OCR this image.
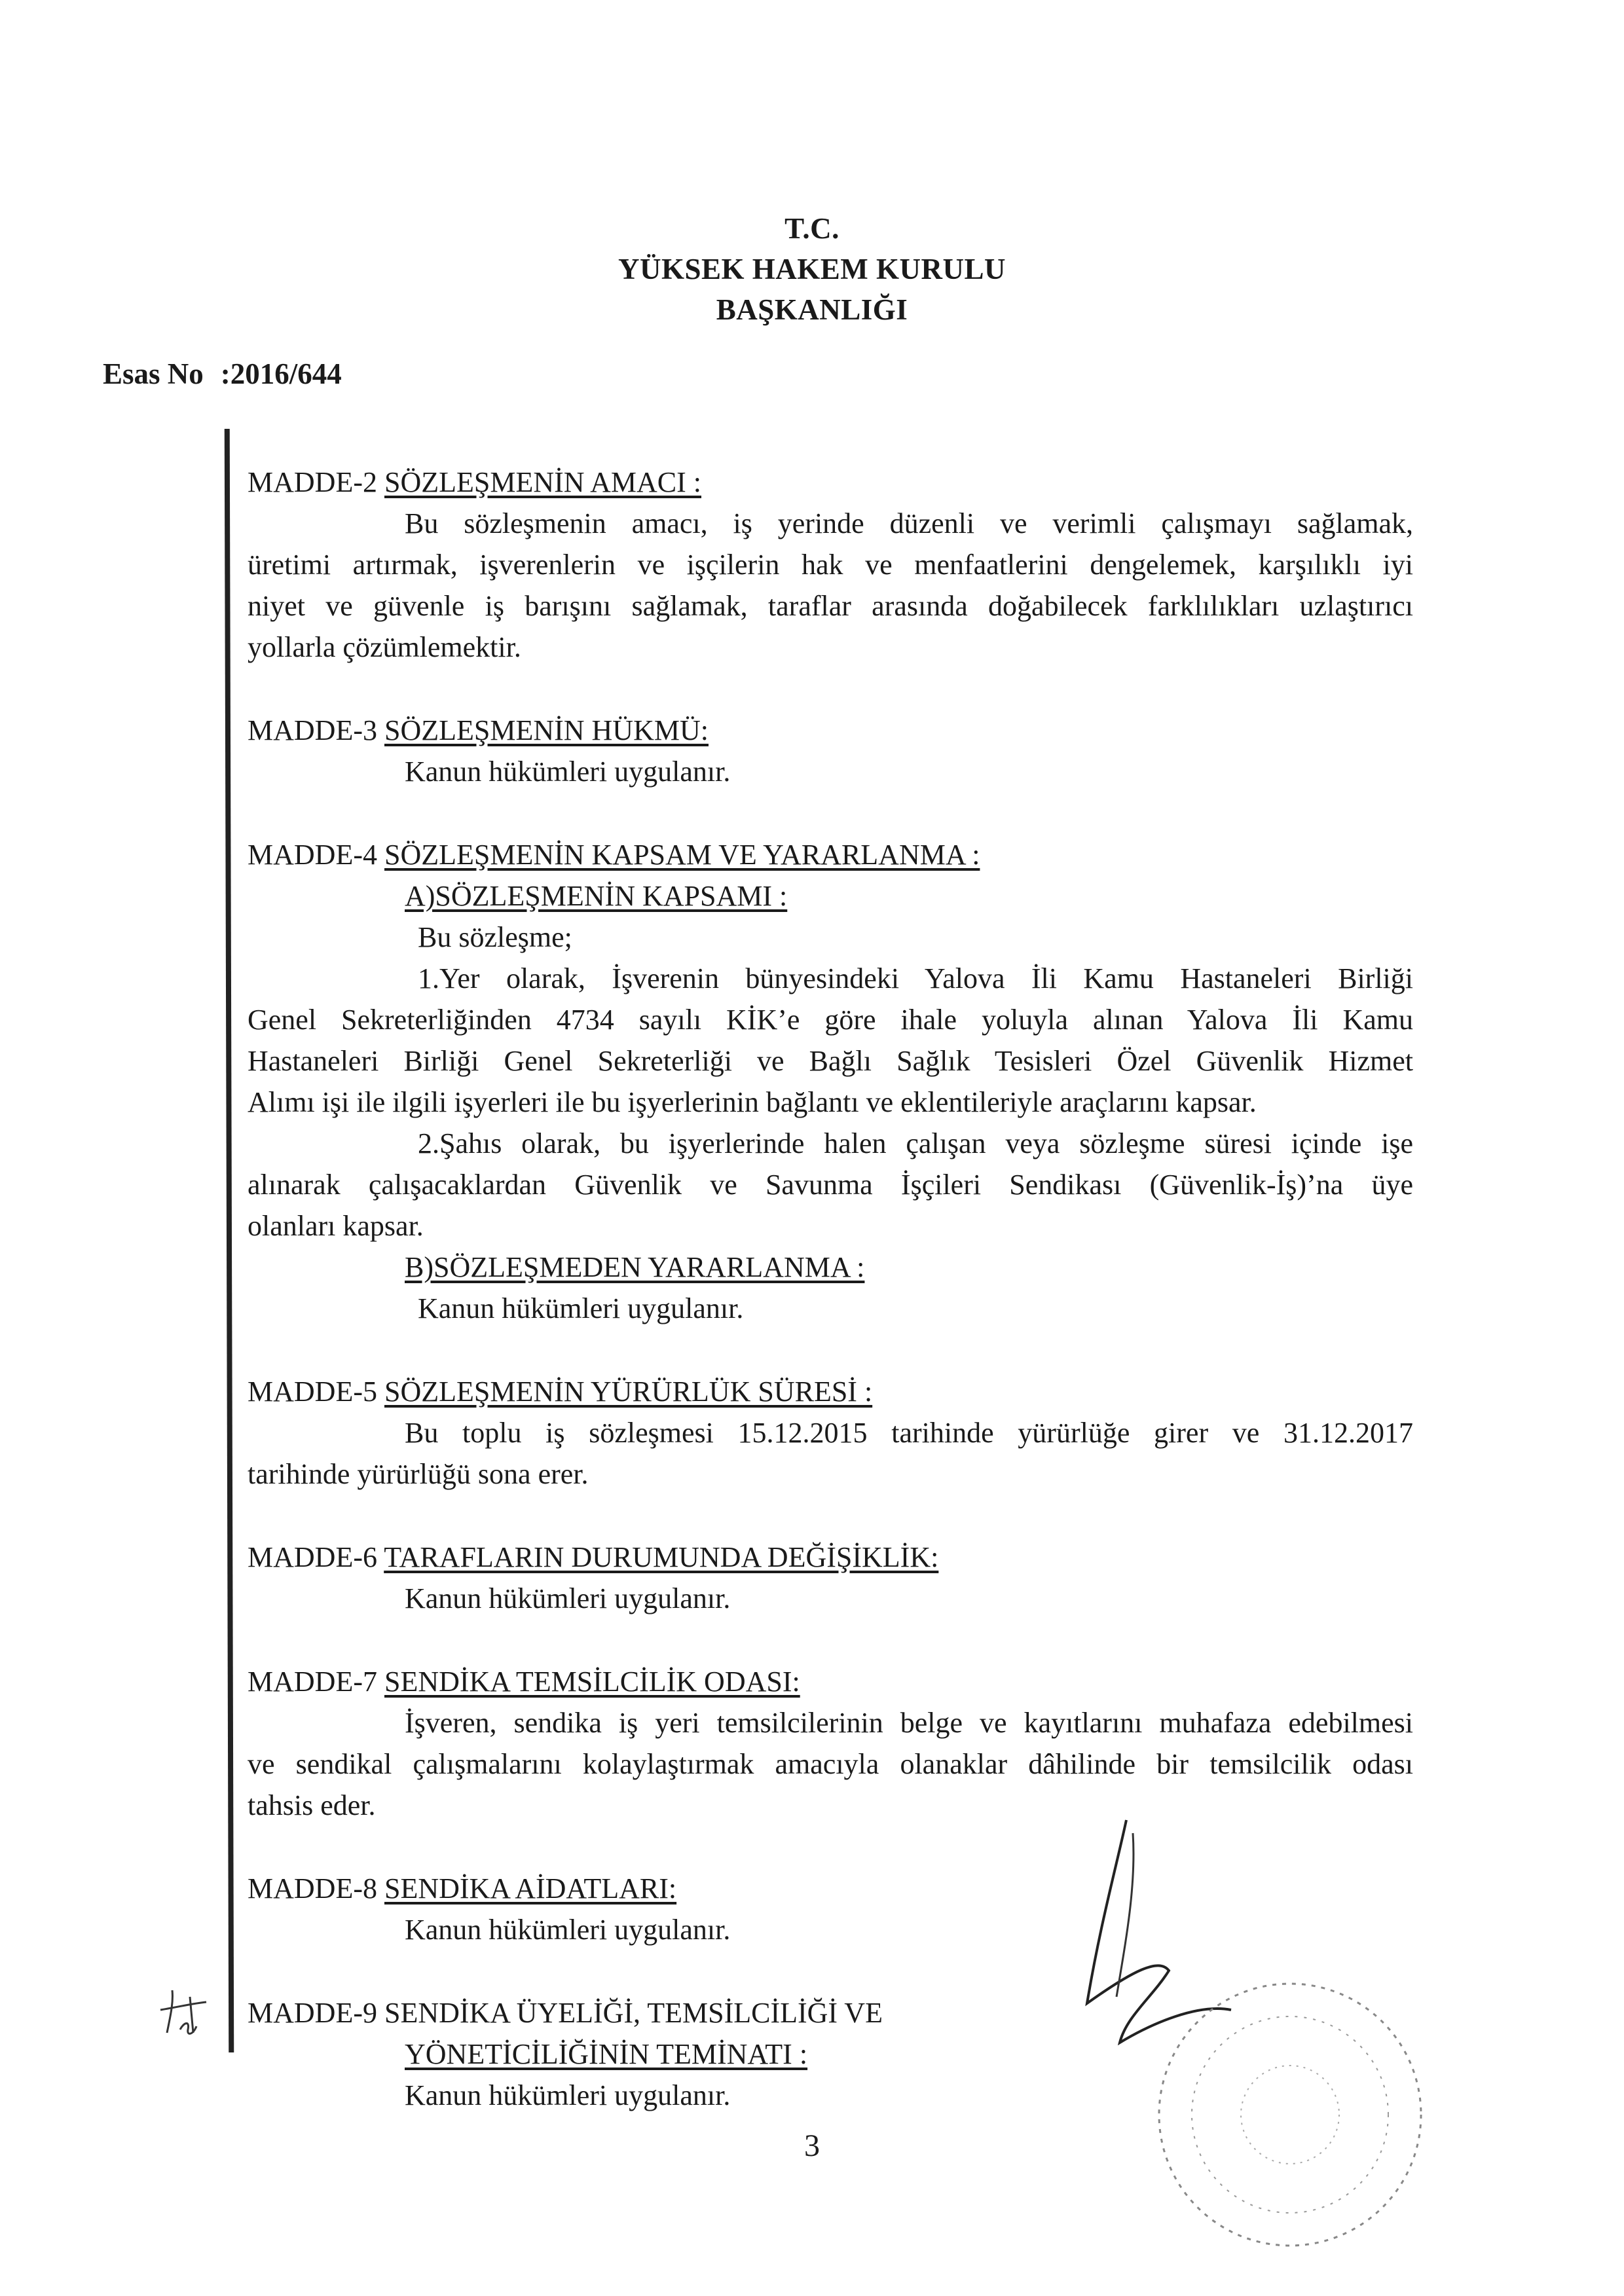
T.C.
YÜKSEK HAKEM KURULU
BAŞKANLIĞI
Esas No :2016/644
MADDE-2 SÖZLEŞMENİN AMACI :
Bu sözleşmenin amacı, iş yerinde düzenli ve verimli çalışmayı sağlamak,
üretimi artırmak, işverenlerin ve işçilerin hak ve menfaatlerini dengelemek, karşılıklı iyi
niyet ve güvenle iş barışını sağlamak, taraflar arasında doğabilecek farklılıkları uzlaştırıcı
yollarla çözümlemektir.
MADDE-3 SÖZLEŞMENİN HÜKMÜ:
Kanun hükümleri uygulanır.
MADDE-4 SÖZLEŞMENİN KAPSAM VE YARARLANMA :
A)SÖZLEŞMENİN KAPSAMI :
Bu sözleşme;
1.Yer olarak, İşverenin bünyesindeki Yalova İli Kamu Hastaneleri Birliği
Genel Sekreterliğinden 4734 sayılı KİK’e göre ihale yoluyla alınan Yalova İli Kamu
Hastaneleri Birliği Genel Sekreterliği ve Bağlı Sağlık Tesisleri Özel Güvenlik Hizmet
Alımı işi ile ilgili işyerleri ile bu işyerlerinin bağlantı ve eklentileriyle araçlarını kapsar.
2.Şahıs olarak, bu işyerlerinde halen çalışan veya sözleşme süresi içinde işe
alınarak çalışacaklardan Güvenlik ve Savunma İşçileri Sendikası (Güvenlik-İş)’na üye
olanları kapsar.
B)SÖZLEŞMEDEN YARARLANMA :
Kanun hükümleri uygulanır.
MADDE-5 SÖZLEŞMENİN YÜRÜRLÜK SÜRESİ :
Bu toplu iş sözleşmesi 15.12.2015 tarihinde yürürlüğe girer ve 31.12.2017
tarihinde yürürlüğü sona erer.
MADDE-6 TARAFLARIN DURUMUNDA DEĞİŞİKLİK:
Kanun hükümleri uygulanır.
MADDE-7 SENDİKA TEMSİLCİLİK ODASI:
İşveren, sendika iş yeri temsilcilerinin belge ve kayıtlarını muhafaza edebilmesi
ve sendikal çalışmalarını kolaylaştırmak amacıyla olanaklar dâhilinde bir temsilcilik odası
tahsis eder.
MADDE-8 SENDİKA AİDATLARI:
Kanun hükümleri uygulanır.
MADDE-9 SENDİKA ÜYELİĞİ, TEMSİLCİLİĞİ VE
YÖNETİCİLİĞİNİN TEMİNATI :
Kanun hükümleri uygulanır.
3
